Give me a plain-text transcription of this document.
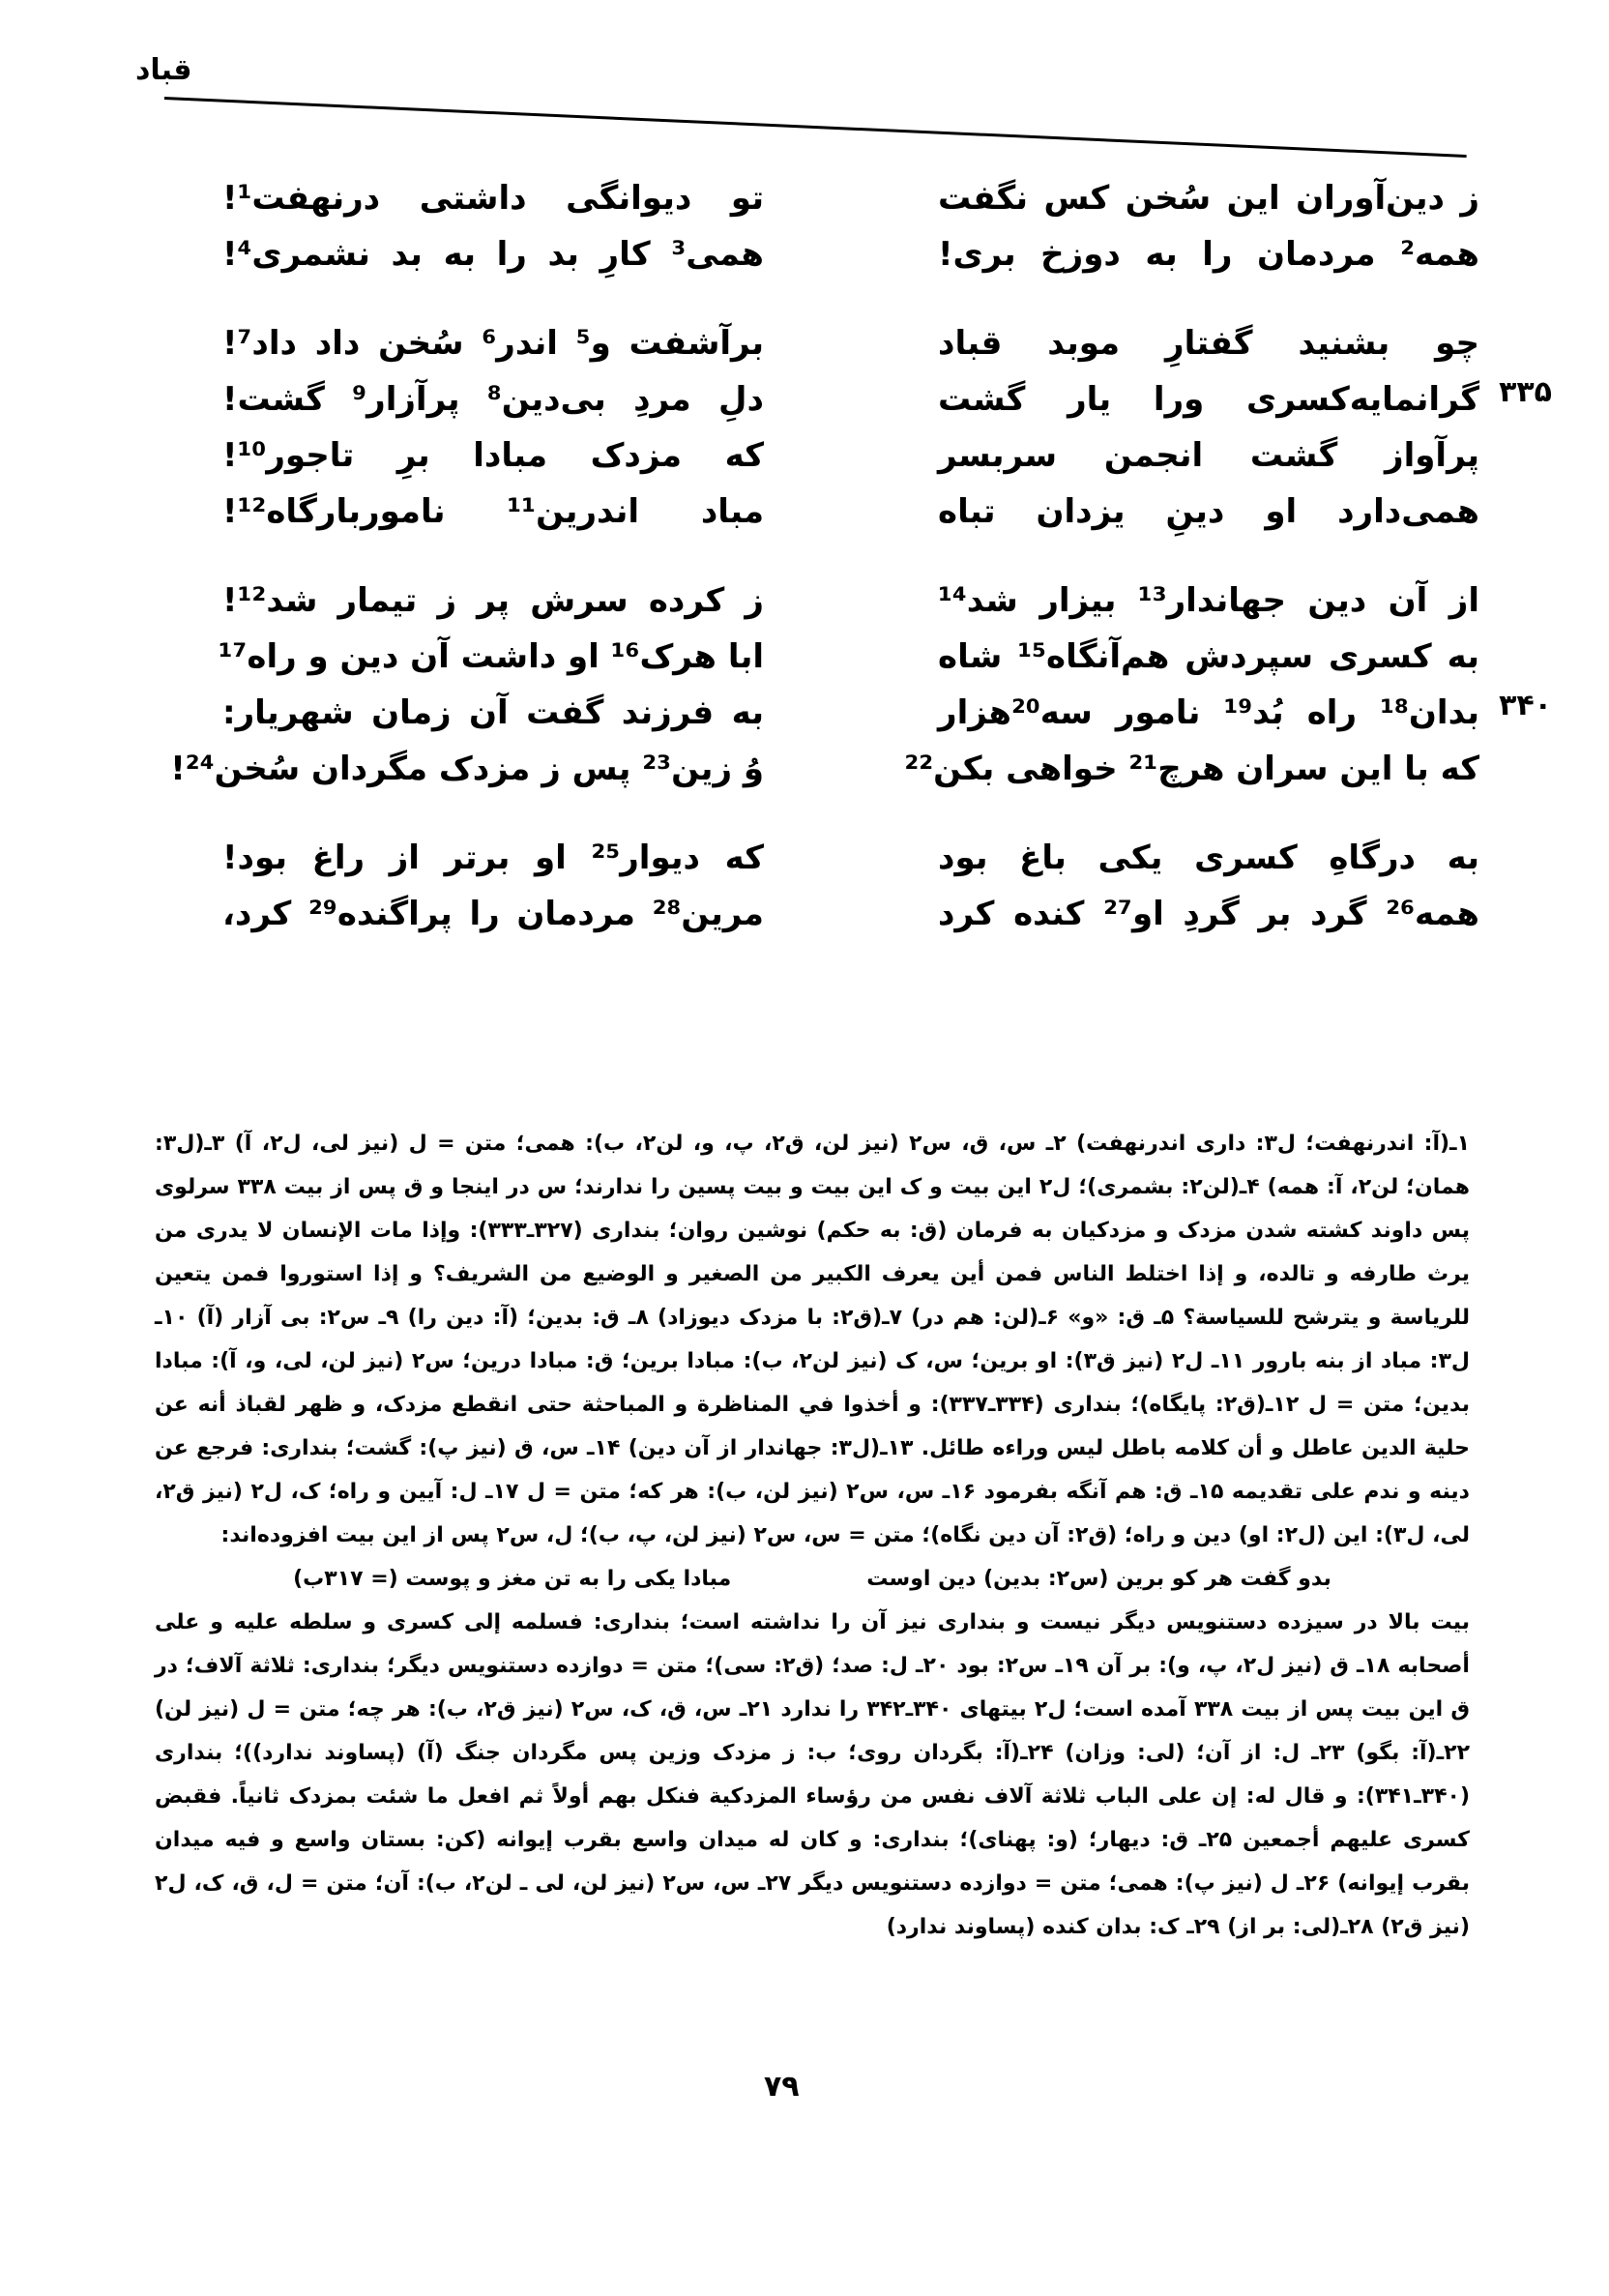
قباد
ز دین‌آوران این سُخن کس نگفت
تو دیوانگی داشتی درنهفت¹!
همه² مردمان را به دوزخ بری!
همی³ کارِ بد را به بد نشمری⁴!
چو بشنید گفتارِ موبد قباد
برآشفت و⁵ اندر⁶ سُخن داد داد⁷!
۳۳۵
گرانمایه‌کسری ورا یار گشت
دلِ مردِ بی‌دین⁸ پرآزار⁹ گشت!
پرآواز گشت انجمن سربسر
که مزدک مبادا برِ تاجور¹⁰!
همی‌دارد او دینِ یزدان تباه
مباد اندرین¹¹ ناموربارگاه¹²!
از آن دین جهاندار¹³ بیزار شد¹⁴
ز کرده سرش پر ز تیمار شد¹²!
به کسری سپردش هم‌آنگاه¹⁵ شاه
ابا هرک¹⁶ او داشت آن دین و راه¹⁷
۳۴۰
بدان¹⁸ راه بُد¹⁹ نامور سه²⁰هزار
به فرزند گفت آن زمان شهریار:
که با این سران هرچ²¹ خواهی بکن²²
وُ زین²³ پس ز مزدک مگردان سُخن²⁴!
به درگاهِ کسری یکی باغ بود
که دیوار²⁵ او برتر از راغ بود!
همه²⁶ گرد بر گردِ او²⁷ کنده کرد
مرین²⁸ مردمان را پراگنده²⁹ کرد،

۱ـ(آ: اندرنهفت؛ ل۳: داری اندرنهفت) ۲ـ س، ق، س۲ (نیز لن، ق۲، پ، و، لن۲، ب): همی؛ متن = ل (نیز لی، ل۲، آ) ۳ـ(ل۳: همان؛ لن۲، آ: همه) ۴ـ(لن۲: بشمری)؛ ل۲ این بیت و ک این بیت و بیت پسین را ندارند؛ س در اینجا و ق پس از بیت ۳۳۸ سرلوی پس داوند کشته شدن مزدک و مزدکیان به فرمان (ق: به حکم) نوشین روان؛ بنداری (۳۲۷ـ۳۳۳): وإذا مات الإنسان لا يدرى من يرث طارفه و تالده، و إذا اختلط الناس فمن أين يعرف الكبير من الصغير و الوضيع من الشريف؟ و إذا استوروا فمن يتعين للرياسة و يترشح للسياسة؟ ۵ـ ق: «و» ۶ـ(لن: هم در) ۷ـ(ق۲: با مزدک دیوزاد) ۸ـ ق: بدین؛ (آ: دین را) ۹ـ س۲: بی آزار (آ) ۱۰ـ ل۳: مباد از بنه بارور ۱۱ـ ل۲ (نیز ق۳): او برین؛ س، ک (نیز لن۲، ب): مبادا برین؛ ق: مبادا درین؛ س۲ (نیز لن، لی، و، آ): مبادا بدین؛ متن = ل ۱۲ـ(ق۲: پایگاه)؛ بنداری (۳۳۴ـ۳۳۷): و أخذوا في المناظرة و المباحثة حتى انقطع مزدک، و ظهر لقباذ أنه عن حلية الدين عاطل و أن كلامه باطل ليس وراءه طائل. ۱۳ـ(ل۳: جهاندار از آن دین) ۱۴ـ س، ق (نیز پ): گشت؛ بنداری: فرجع عن دينه و ندم على تقديمه ۱۵ـ ق: هم آنگه بفرمود ۱۶ـ س، س۲ (نیز لن، ب): هر که؛ متن = ل ۱۷ـ ل: آیین و راه؛ ک، ل۲ (نیز ق۲، لی، ل۳): این (ل۲: او) دین و راه؛ (ق۲: آن دین نگاه)؛ متن = س، س۲ (نیز لن، پ، ب)؛ ل، س۲ پس از این بیت افزوده‌اند:

بدو گفت هر کو برین (س۲: بدین) دین اوست
مبادا یکی را به تن مغز و پوست (= ۳۱۷ب)

بیت بالا در سیزده دستنویس دیگر نیست و بنداری نیز آن را نداشته است؛ بنداری: فسلمه إلى كسرى و سلطه عليه و على أصحابه ۱۸ـ ق (نیز ل۲، پ، و): بر آن ۱۹ـ س۲: بود ۲۰ـ ل: صد؛ (ق۲: سی)؛ متن = دوازده دستنویس دیگر؛ بنداری: ثلاثة آلاف؛ در ق این بیت پس از بیت ۳۳۸ آمده است؛ ل۲ بیتهای ۳۴۰ـ۳۴۲ را ندارد ۲۱ـ س، ق، ک، س۲ (نیز ق۲، ب): هر چه؛ متن = ل (نیز لن) ۲۲ـ(آ: بگو) ۲۳ـ ل: از آن؛ (لی: وزان) ۲۴ـ(آ: بگردان روی؛ ب: ز مزدک وزین پس مگردان جنگ (آ) (پساوند ندارد))؛ بنداری (۳۴۰ـ۳۴۱): و قال له: إن على الباب ثلاثة آلاف نفس من رؤساء المزدكية فنكل بهم أولاً ثم افعل ما شئت بمزدک ثانياً. فقبض كسرى عليهم أجمعين ۲۵ـ ق: دیهار؛ (و: پهنای)؛ بنداری: و كان له ميدان واسع بقرب إيوانه (کن: بستان واسع و فيه ميدان بقرب إيوانه) ۲۶ـ ل (نیز پ): همی؛ متن = دوازده دستنویس دیگر ۲۷ـ س، س۲ (نیز لن، لی ـ لن۲، ب): آن؛ متن = ل، ق، ک، ل۲ (نیز ق۲) ۲۸ـ(لی: بر از) ۲۹ـ ک: بدان کنده (پساوند ندارد)

۷۹
